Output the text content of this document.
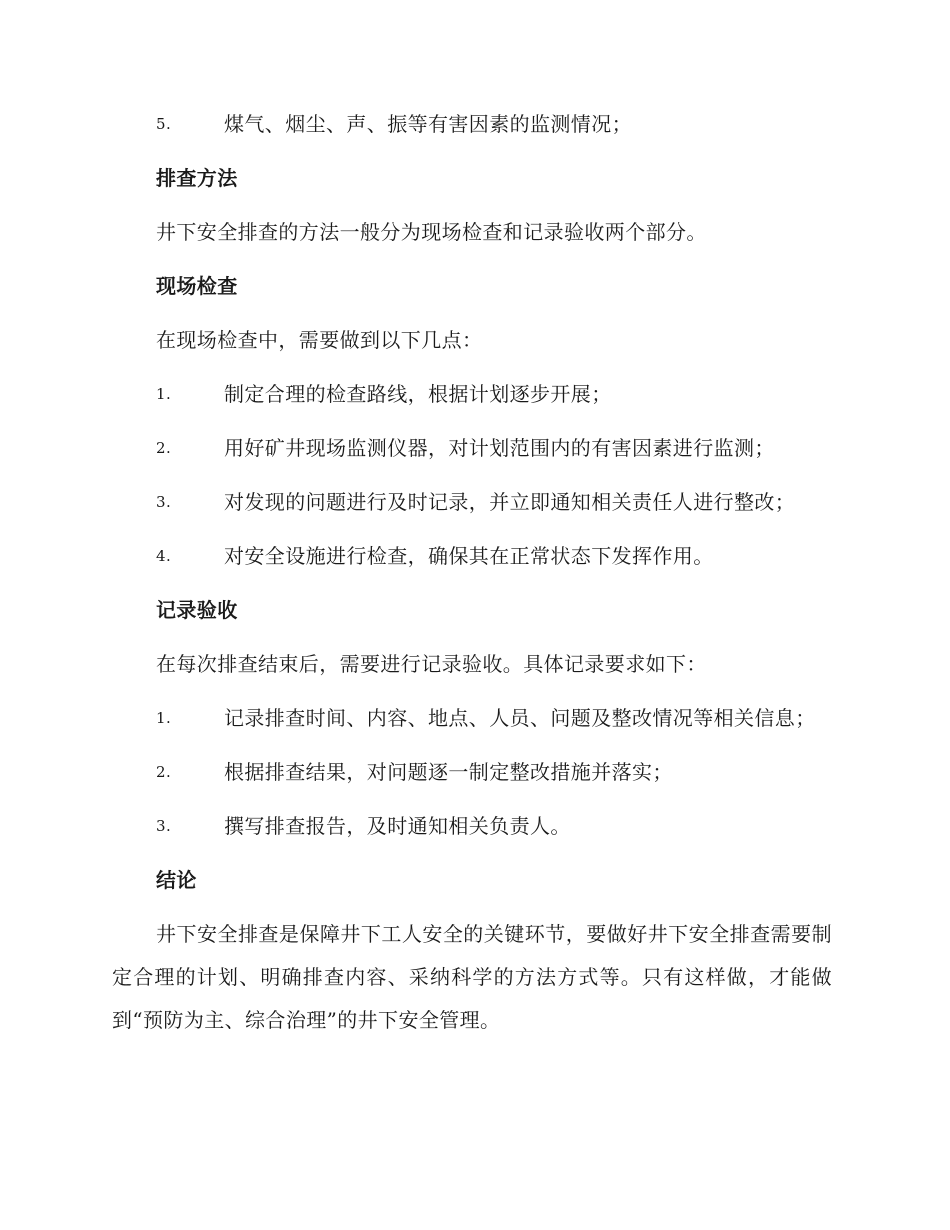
5.	煤气、烟尘、声、振等有害因素的监测情况；
排查方法

井下安全排查的方法一般分为现场检查和记录验收两个部分。

现场检查

在现场检查中，需要做到以下几点：

1.	制定合理的检查路线，根据计划逐步开展；
2.	用好矿井现场监测仪器，对计划范围内的有害因素进行监测；
3.	对发现的问题进行及时记录，并立即通知相关责任人进行整改；
4.	对安全设施进行检查，确保其在正常状态下发挥作用。
记录验收

在每次排查结束后，需要进行记录验收。具体记录要求如下：

1.	记录排查时间、内容、地点、人员、问题及整改情况等相关信息；
2.	根据排查结果，对问题逐一制定整改措施并落实；
3.	撰写排查报告，及时通知相关负责人。
结论

井下安全排查是保障井下工人安全的关键环节，要做好井下安全排查需要制定合理的计划、明确排查内容、采纳科学的方法方式等。只有这样做，才能做到“预防为主、综合治理”的井下安全管理。
